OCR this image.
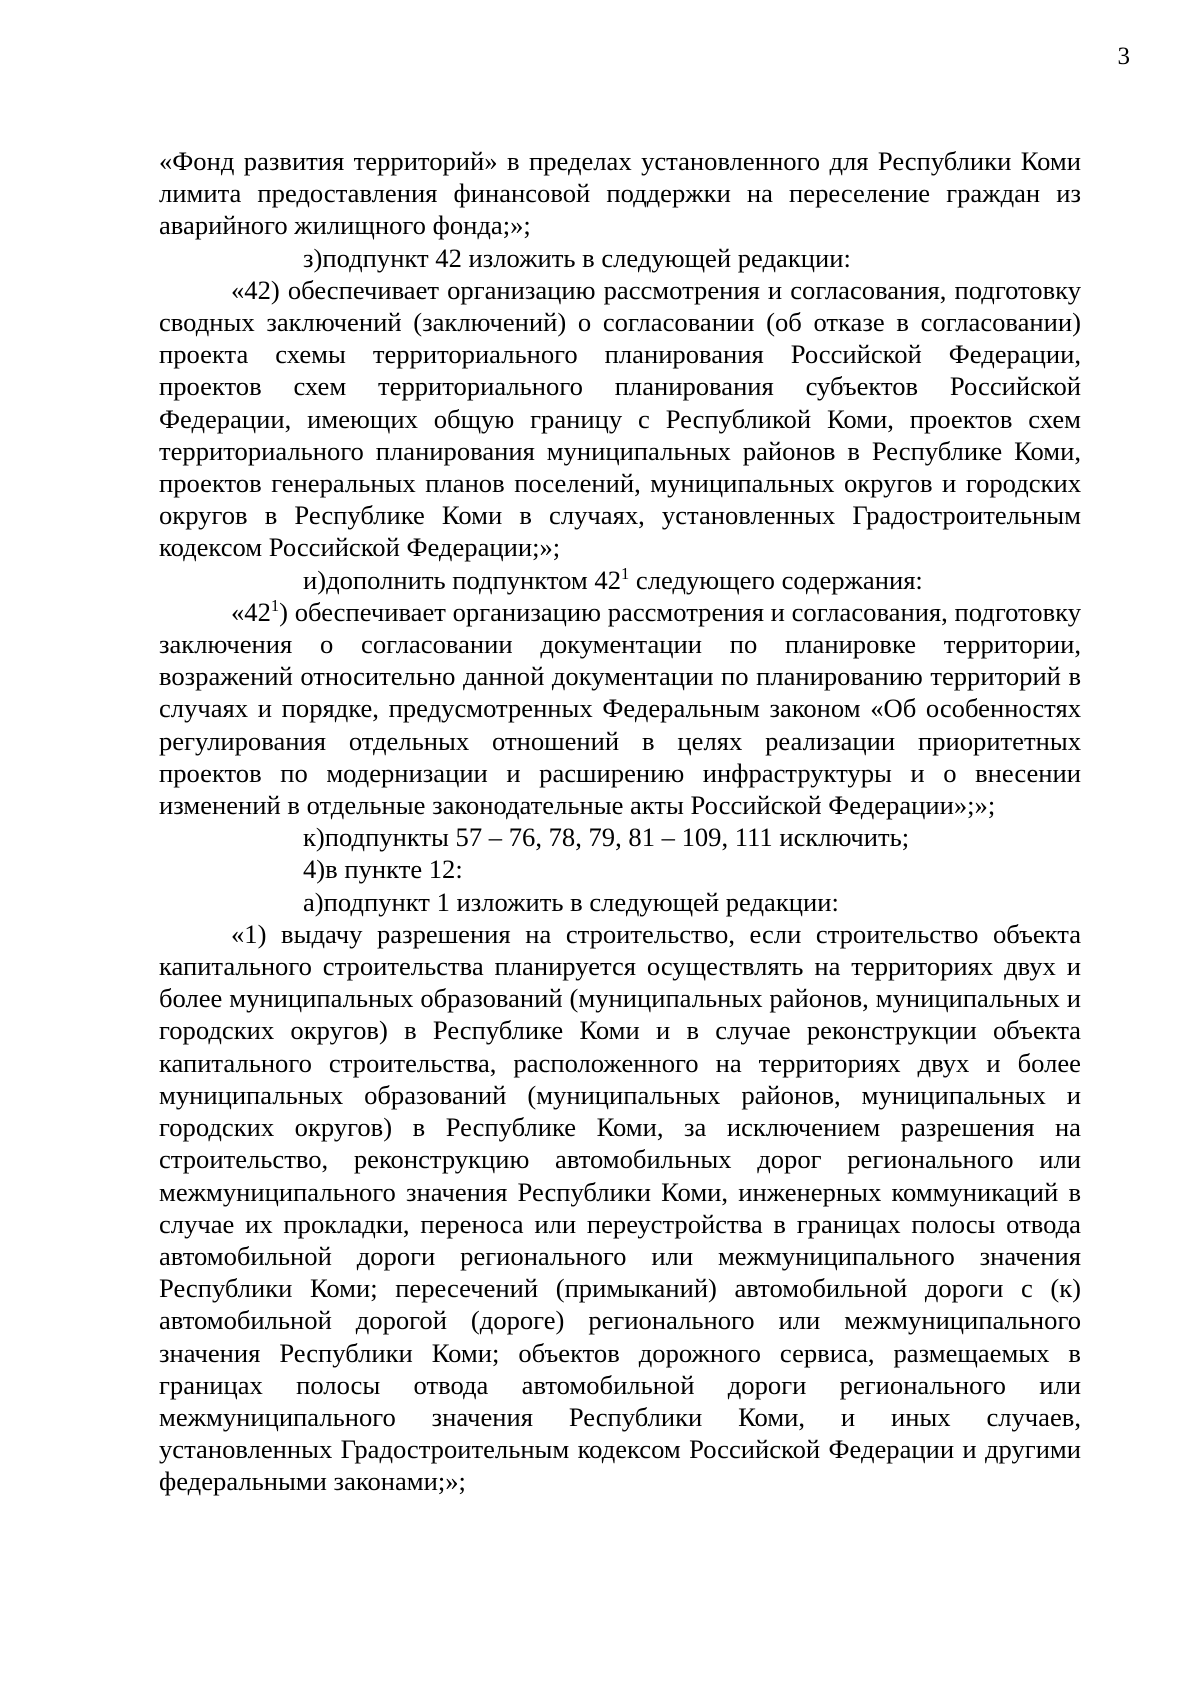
3

«Фонд развития территорий» в пределах установленного для Республики Коми лимита предоставления финансовой поддержки на переселение граждан из аварийного жилищного фонда;»;

з)подпункт 42 изложить в следующей редакции:

«42) обеспечивает организацию рассмотрения и согласования, подготовку сводных заключений (заключений) о согласовании (об отказе в согласовании) проекта схемы территориального планирования Российской Федерации, проектов схем территориального планирования субъектов Российской Федерации, имеющих общую границу с Республикой Коми, проектов схем территориального планирования муниципальных районов в Республике Коми, проектов генеральных планов поселений, муниципальных округов и городских округов в Республике Коми в случаях, установленных Градостроительным кодексом Российской Федерации;»;

и)дополнить подпунктом $42^1$ следующего содержания:

«$42^1$) обеспечивает организацию рассмотрения и согласования, подготовку заключения о согласовании документации по планировке территории, возражений относительно данной документации по планированию территорий в случаях и порядке, предусмотренных Федеральным законом «Об особенностях регулирования отдельных отношений в целях реализации приоритетных проектов по модернизации и расширению инфраструктуры и о внесении изменений в отдельные законодательные акты Российской Федерации»;»;

к)подпункты 57 – 76, 78, 79, 81 – 109, 111 исключить;

4)в пункте 12:

а)подпункт 1 изложить в следующей редакции:

«1) выдачу разрешения на строительство, если строительство объекта капитального строительства планируется осуществлять на территориях двух и более муниципальных образований (муниципальных районов, муниципальных и городских округов) в Республике Коми и в случае реконструкции объекта капитального строительства, расположенного на территориях двух и более муниципальных образований (муниципальных районов, муниципальных и городских округов) в Республике Коми, за исключением разрешения на строительство, реконструкцию автомобильных дорог регионального или межмуниципального значения Республики Коми, инженерных коммуникаций в случае их прокладки, переноса или переустройства в границах полосы отвода автомобильной дороги регионального или межмуниципального значения Республики Коми; пересечений (примыканий) автомобильной дороги с (к) автомобильной дорогой (дороге) регионального или межмуниципального значения Республики Коми; объектов дорожного сервиса, размещаемых в границах полосы отвода автомобильной дороги регионального или межмуниципального значения Республики Коми, и иных случаев, установленных Градостроительным кодексом Российской Федерации и другими федеральными законами;»;
